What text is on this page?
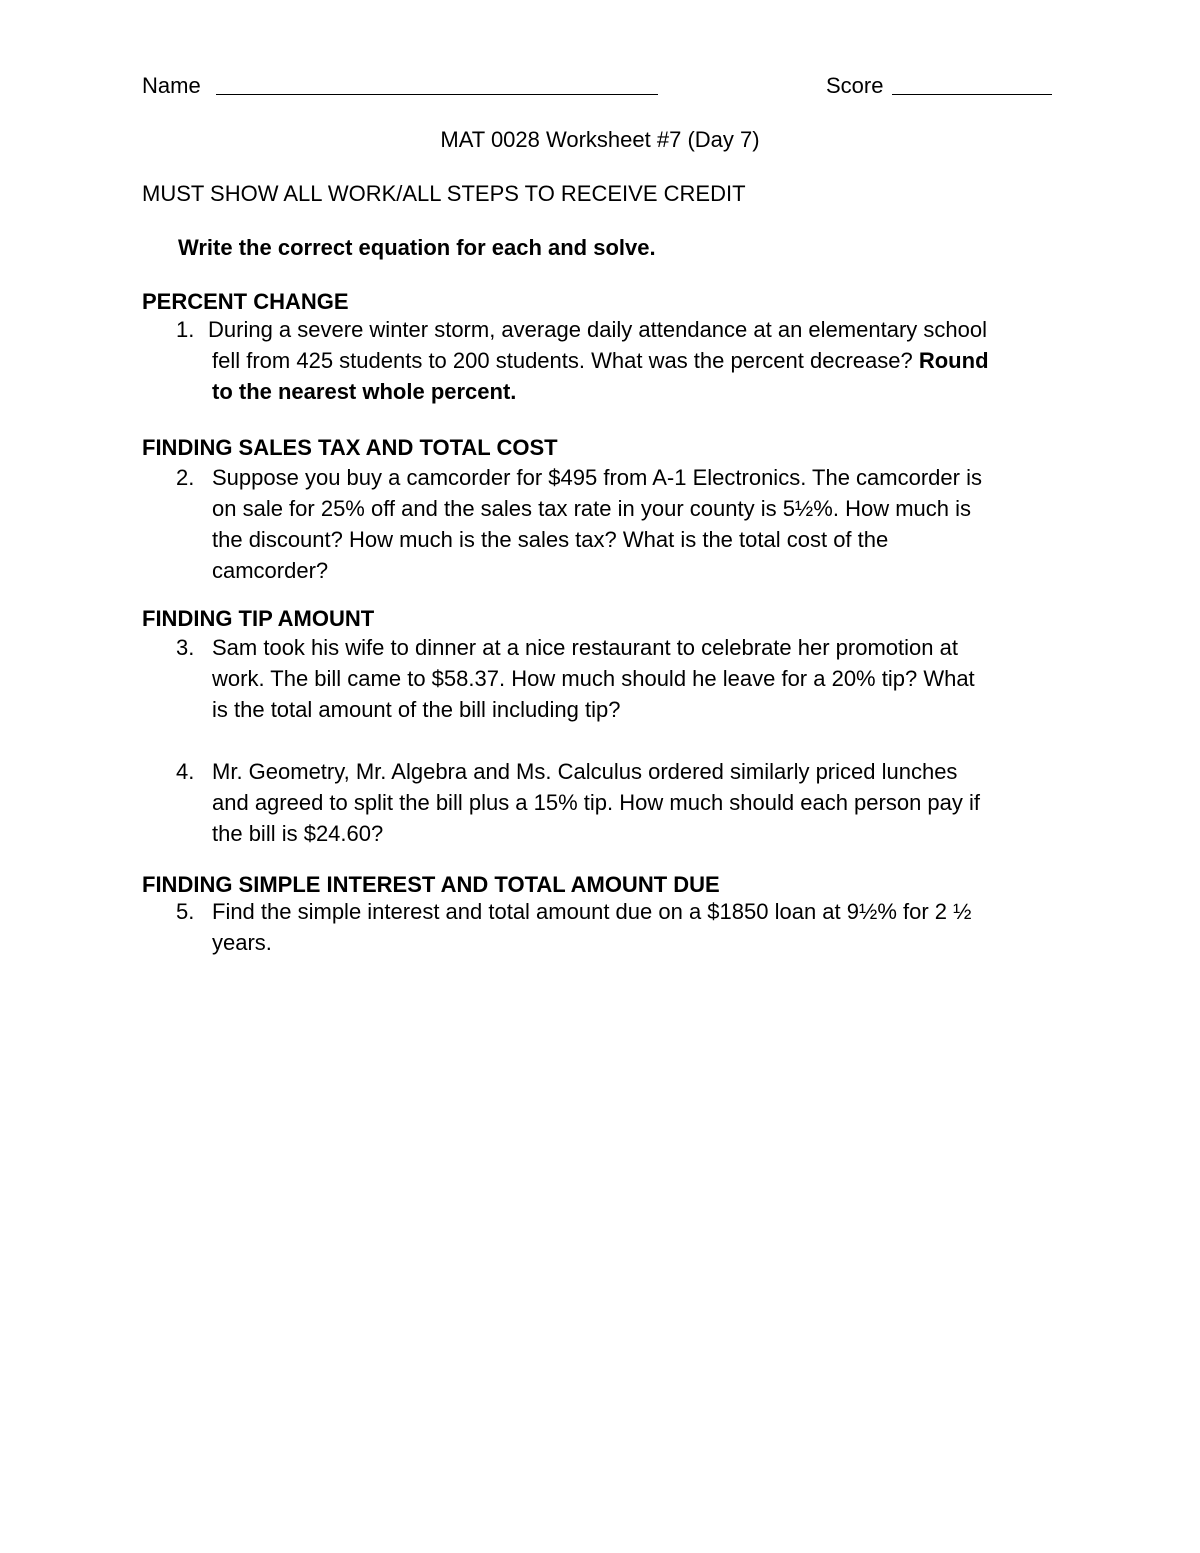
Name	Score
MAT 0028 Worksheet #7 (Day 7)
MUST SHOW ALL WORK/ALL STEPS TO RECEIVE CREDIT
Write the correct equation for each and solve.
PERCENT CHANGE
1. During a severe winter storm, average daily attendance at an elementary school
fell from 425 students to 200 students. What was the percent decrease? Round
to the nearest whole percent.
FINDING SALES TAX AND TOTAL COST
2. Suppose you buy a camcorder for $495 from A-1 Electronics. The camcorder is
on sale for 25% off and the sales tax rate in your county is 5½%. How much is
the discount? How much is the sales tax? What is the total cost of the
camcorder?
FINDING TIP AMOUNT
3. Sam took his wife to dinner at a nice restaurant to celebrate her promotion at
work. The bill came to $58.37. How much should he leave for a 20% tip? What
is the total amount of the bill including tip?
4. Mr. Geometry, Mr. Algebra and Ms. Calculus ordered similarly priced lunches
and agreed to split the bill plus a 15% tip. How much should each person pay if
the bill is $24.60?
FINDING SIMPLE INTEREST AND TOTAL AMOUNT DUE
5. Find the simple interest and total amount due on a $1850 loan at 9½% for 2 ½
years.
